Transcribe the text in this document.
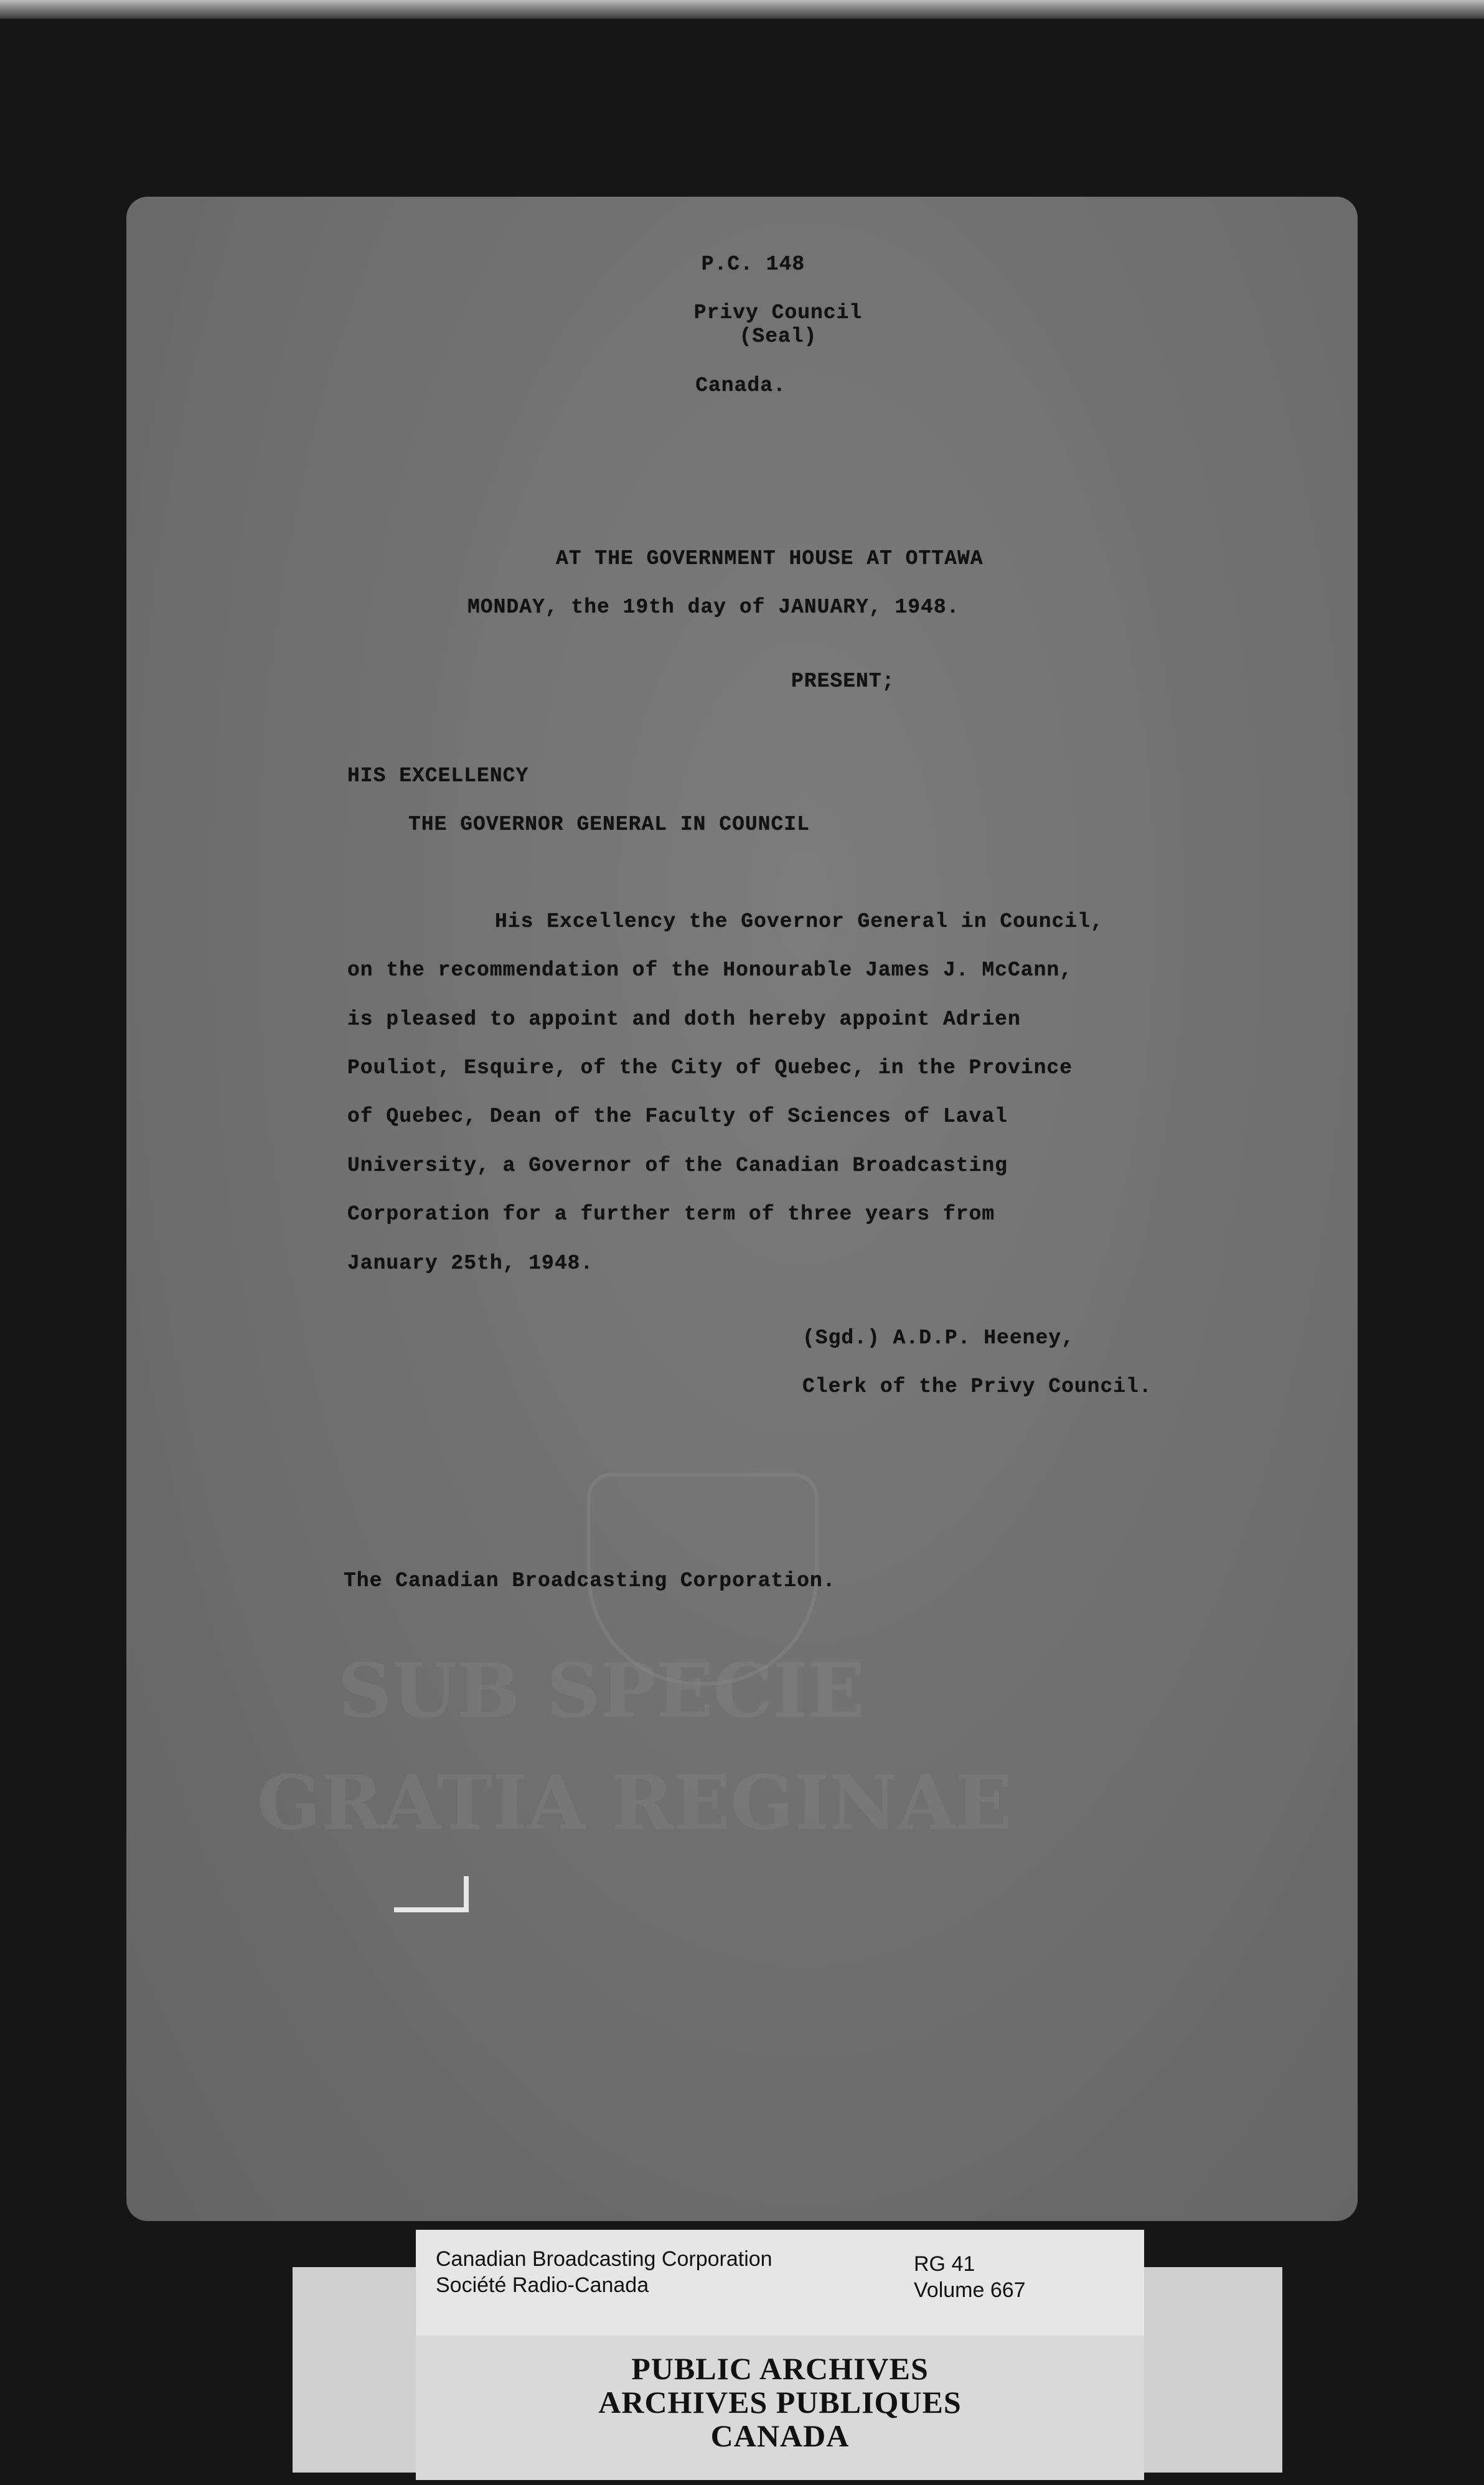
SUB SPECIE
GRATIA REGINAE
P.C. 148
Privy Council
(Seal)
Canada.
AT THE GOVERNMENT HOUSE AT OTTAWA
MONDAY, the 19th day of JANUARY, 1948.
PRESENT;
HIS EXCELLENCY
THE GOVERNOR GENERAL IN COUNCIL
His Excellency the Governor General in Council,
on the recommendation of the Honourable James J. McCann,
is pleased to appoint and doth hereby appoint Adrien
Pouliot, Esquire, of the City of Quebec, in the Province
of Quebec, Dean of the Faculty of Sciences of Laval
University, a Governor of the Canadian Broadcasting
Corporation for a further term of three years from
January 25th, 1948.
(Sgd.) A.D.P. Heeney,
Clerk of the Privy Council.
The Canadian Broadcasting Corporation.
Canadian Broadcasting Corporation
Société Radio-Canada
RG 41
Volume 667
PUBLIC ARCHIVES
ARCHIVES PUBLIQUES
CANADA
